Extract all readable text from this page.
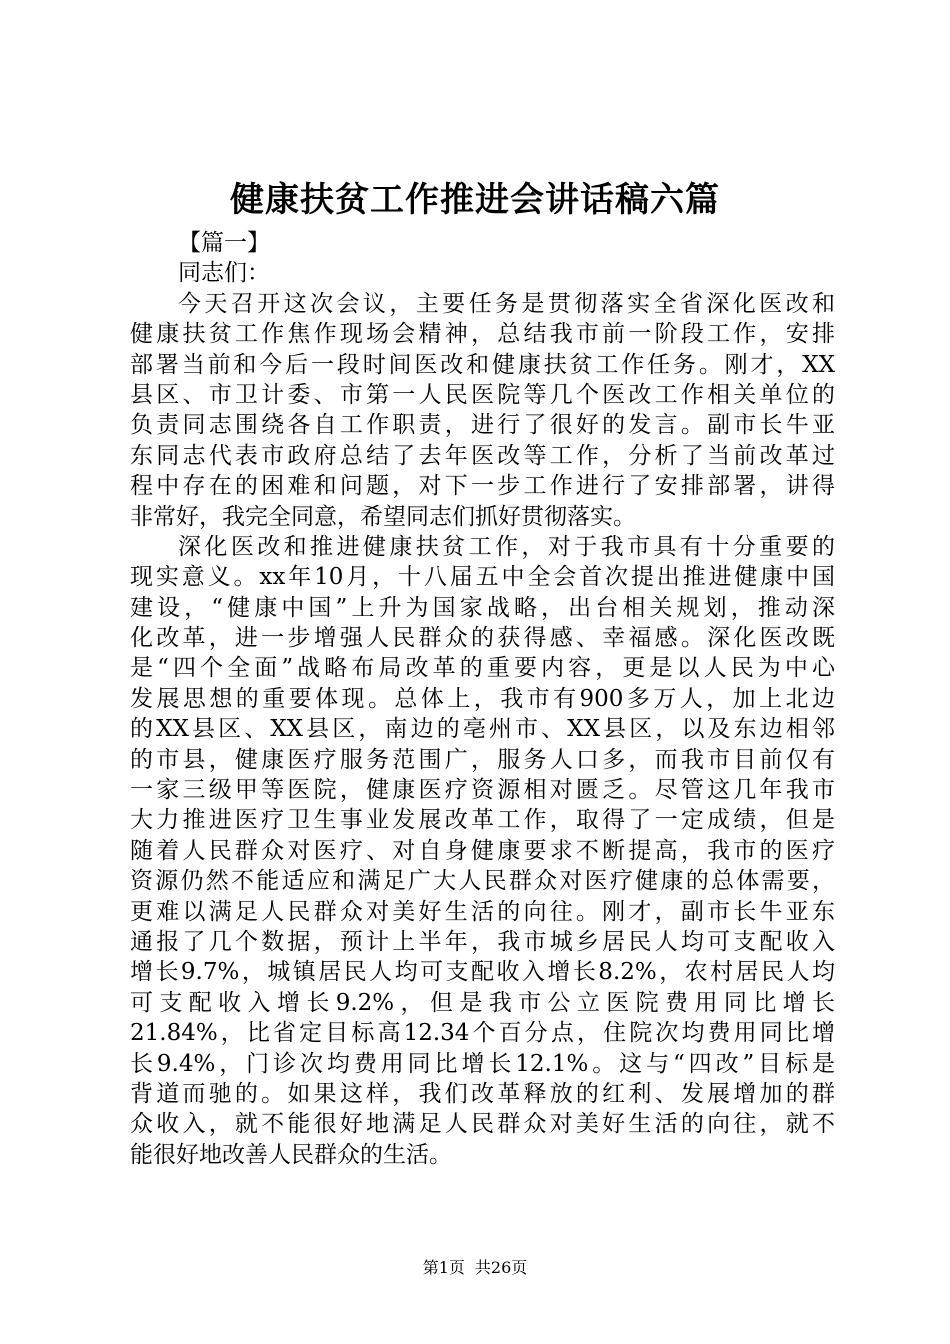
健康扶贫工作推进会讲话稿六篇
【篇一】
同志们：
今天召开这次会议，主要任务是贯彻落实全省深化医改和
健康扶贫工作焦作现场会精神，总结我市前一阶段工作，安排
部署当前和今后一段时间医改和健康扶贫工作任务。刚才，XX
县区、市卫计委、市第一人民医院等几个医改工作相关单位的
负责同志围绕各自工作职责，进行了很好的发言。副市长牛亚
东同志代表市政府总结了去年医改等工作，分析了当前改革过
程中存在的困难和问题，对下一步工作进行了安排部署，讲得
非常好，我完全同意，希望同志们抓好贯彻落实。
深化医改和推进健康扶贫工作，对于我市具有十分重要的
现实意义。xx年10月，十八届五中全会首次提出推进健康中国
建设，“健康中国”上升为国家战略，出台相关规划，推动深
化改革，进一步增强人民群众的获得感、幸福感。深化医改既
是“四个全面”战略布局改革的重要内容，更是以人民为中心
发展思想的重要体现。总体上，我市有900多万人，加上北边
的XX县区、XX县区，南边的亳州市、XX县区，以及东边相邻
的市县，健康医疗服务范围广，服务人口多，而我市目前仅有
一家三级甲等医院，健康医疗资源相对匮乏。尽管这几年我市
大力推进医疗卫生事业发展改革工作，取得了一定成绩，但是
随着人民群众对医疗、对自身健康要求不断提高，我市的医疗
资源仍然不能适应和满足广大人民群众对医疗健康的总体需要，
更难以满足人民群众对美好生活的向往。刚才，副市长牛亚东
通报了几个数据，预计上半年，我市城乡居民人均可支配收入
增长9.7%，城镇居民人均可支配收入增长8.2%，农村居民人均
可支配收入增长9.2%，但是我市公立医院费用同比增长
21.84%，比省定目标高12.34个百分点，住院次均费用同比增
长9.4%，门诊次均费用同比增长12.1%。这与“四改”目标是
背道而驰的。如果这样，我们改革释放的红利、发展增加的群
众收入，就不能很好地满足人民群众对美好生活的向往，就不
能很好地改善人民群众的生活。
第1页 共26页
